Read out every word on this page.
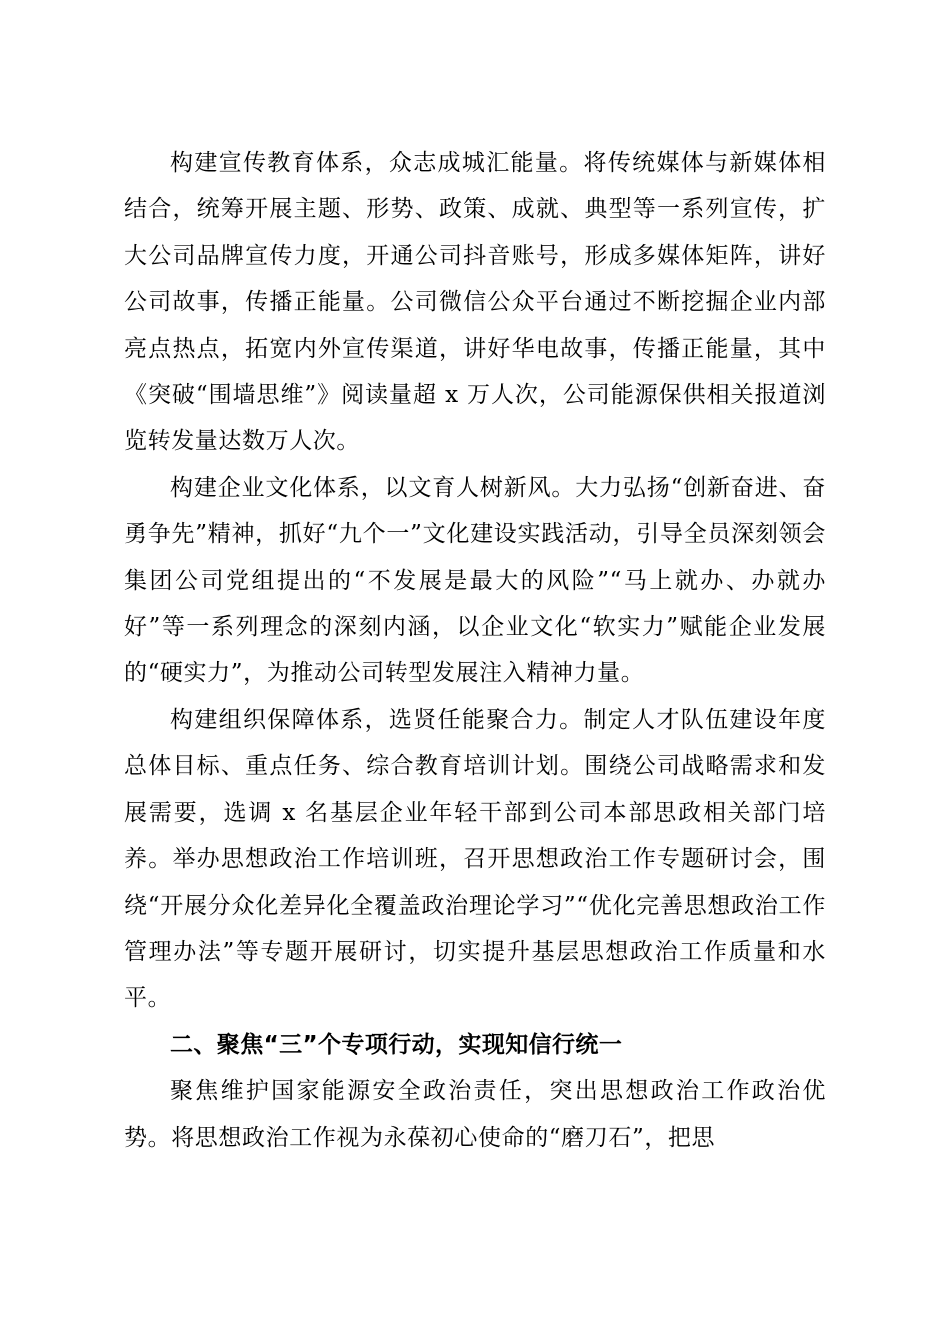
构建宣传教育体系，众志成城汇能量。将传统媒体与新媒体相结合，统筹开展主题、形势、政策、成就、典型等一系列宣传，扩大公司品牌宣传力度，开通公司抖音账号，形成多媒体矩阵，讲好公司故事，传播正能量。公司微信公众平台通过不断挖掘企业内部亮点热点，拓宽内外宣传渠道，讲好华电故事，传播正能量，其中《突破“围墙思维”》阅读量超 x 万人次，公司能源保供相关报道浏览转发量达数万人次。

构建企业文化体系，以文育人树新风。大力弘扬“创新奋进、奋勇争先”精神，抓好“九个一”文化建设实践活动，引导全员深刻领会集团公司党组提出的“不发展是最大的风险”“马上就办、办就办好”等一系列理念的深刻内涵，以企业文化“软实力”赋能企业发展的“硬实力”，为推动公司转型发展注入精神力量。

构建组织保障体系，选贤任能聚合力。制定人才队伍建设年度总体目标、重点任务、综合教育培训计划。围绕公司战略需求和发展需要，选调 x 名基层企业年轻干部到公司本部思政相关部门培养。举办思想政治工作培训班，召开思想政治工作专题研讨会，围绕“开展分众化差异化全覆盖政治理论学习”“优化完善思想政治工作管理办法”等专题开展研讨，切实提升基层思想政治工作质量和水平。

二、聚焦“三”个专项行动，实现知信行统一

聚焦维护国家能源安全政治责任，突出思想政治工作政治优势。将思想政治工作视为永葆初心使命的“磨刀石”，把思
